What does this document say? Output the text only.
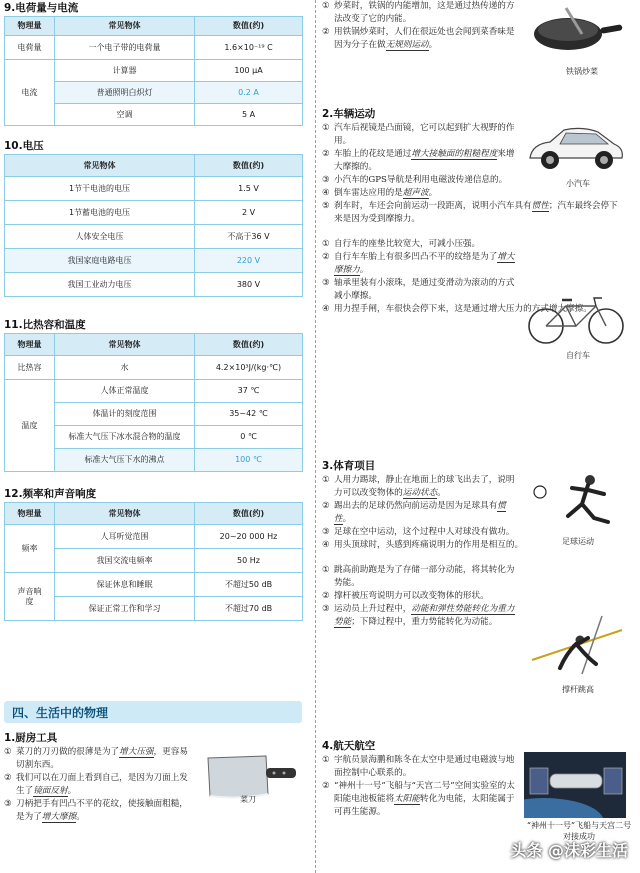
9.电荷量与电流
物理量	常见物体	数值(约)
电荷量	一个电子带的电荷量	1.6×10⁻¹⁹ C
电流	计算器	100 μA
	普通照明白炽灯	0.2 A
	空调	5 A
10.电压
常见物体	数值(约)
1节干电池的电压	1.5 V
1节蓄电池的电压	2 V
人体安全电压	不高于36 V
我国家庭电路电压	220 V
我国工业动力电压	380 V
11.比热容和温度
物理量	常见物体	数值(约)
比热容	水	4.2×10³J/(kg·℃)
温度	人体正常温度	37 ℃
	体温计的刻度范围	35~42 ℃
	标准大气压下冰水混合物的温度	0 ℃
	标准大气压下水的沸点	100 ℃
12.频率和声音响度
物理量	常见物体	数值(约)
频率	人耳听觉范围	20~20 000 Hz
	我国交流电频率	50 Hz
声音响度	保证休息和睡眠	不超过50 dB
	保证正常工作和学习	不超过70 dB
四、生活中的物理
1.厨房工具
① 菜刀的刀刃做的很薄是为了增大压强，更容易切割东西。
② 我们可以在刀面上看到自己，是因为刀面上发生了镜面反射。
③ 刀柄把手有凹凸不平的花纹，使接触面粗糙，是为了增大摩擦。
菜刀
① 炒菜时，铁锅的内能增加，这是通过热传递的方法改变了它的内能。
② 用铁锅炒菜时，人们在很远处也会闻到菜香味是因为分子在做无规则运动。
铁锅炒菜
2.车辆运动
① 汽车后视镜是凸面镜，它可以起到扩大视野的作用。
② 车胎上的花纹是通过增大接触面的粗糙程度来增大摩擦的。
③ 小汽车的GPS导航是利用电磁波传递信息的。
④ 倒车雷达应用的是超声波。
⑤ 刹车时，车还会向前运动一段距离，说明小汽车具有惯性；汽车最终会停下来是因为受到摩擦力。
小汽车
① 自行车的座垫比较宽大，可减小压强。
② 自行车车胎上有很多凹凸不平的纹络是为了增大摩擦力。
③ 轴承里装有小滚珠，是通过变滑动为滚动的方式减小摩擦。
④ 用力捏手闸，车很快会停下来，这是通过增大压力的方式增大摩擦。
自行车
3.体育项目
① 人用力踢球，静止在地面上的球飞出去了，说明力可以改变物体的运动状态。
② 踢出去的足球仍然向前运动是因为足球具有惯性。
③ 足球在空中运动，这个过程中人对球没有做功。
④ 用头顶球时，头感到疼痛说明力的作用是相互的。	足球运动
① 跳高前助跑是为了存储一部分动能，将其转化为势能。
② 撑杆被压弯说明力可以改变物体的形状。
③ 运动员上升过程中，动能和弹性势能转化为重力势能；下降过程中，重力势能转化为动能。
撑杆跳高
4.航天航空
① 宇航员景海鹏和陈冬在太空中是通过电磁波与地面控制中心联系的。
② “神州十一号”飞船与“天宫二号”空间实验室的太阳能电池板能将太阳能转化为电能，太阳能属于可再生能源。
“神州十一号”飞船与天宫二号对接成功
头条 @沫彩生活
